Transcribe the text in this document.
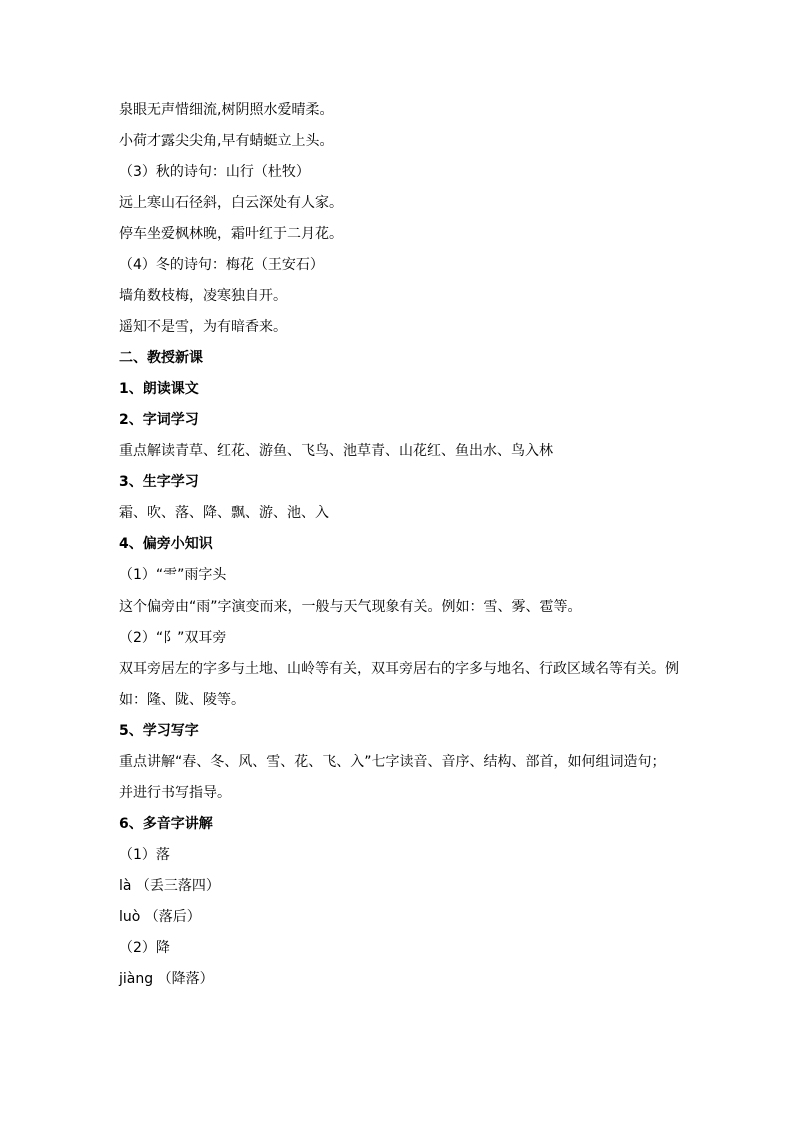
泉眼无声惜细流,树阴照水爱晴柔。
小荷才露尖尖角,早有蜻蜓立上头。
（3）秋的诗句：山行（杜牧）
远上寒山石径斜，白云深处有人家。
停车坐爱枫林晚，霜叶红于二月花。
（4）冬的诗句：梅花（王安石）
墙角数枝梅，凌寒独自开。
遥知不是雪，为有暗香来。
二、教授新课
1、朗读课文
2、字词学习
重点解读青草、红花、游鱼、飞鸟、池草青、山花红、鱼出水、鸟入林
3、生字学习
霜、吹、落、降、飘、游、池、入
4、偏旁小知识
（1）“⻗”雨字头
这个偏旁由“雨”字演变而来，一般与天气现象有关。例如：雪、雾、雹等。
（2）“阝”双耳旁
双耳旁居左的字多与土地、山岭等有关，双耳旁居右的字多与地名、行政区域名等有关。例
如：隆、陇、陵等。
5、学习写字
重点讲解“春、冬、风、雪、花、飞、入”七字读音、音序、结构、部首，如何组词造句；
并进行书写指导。
6、多音字讲解
（1）落
là （丢三落四）
luò （落后）
（2）降
jiàng （降落）
